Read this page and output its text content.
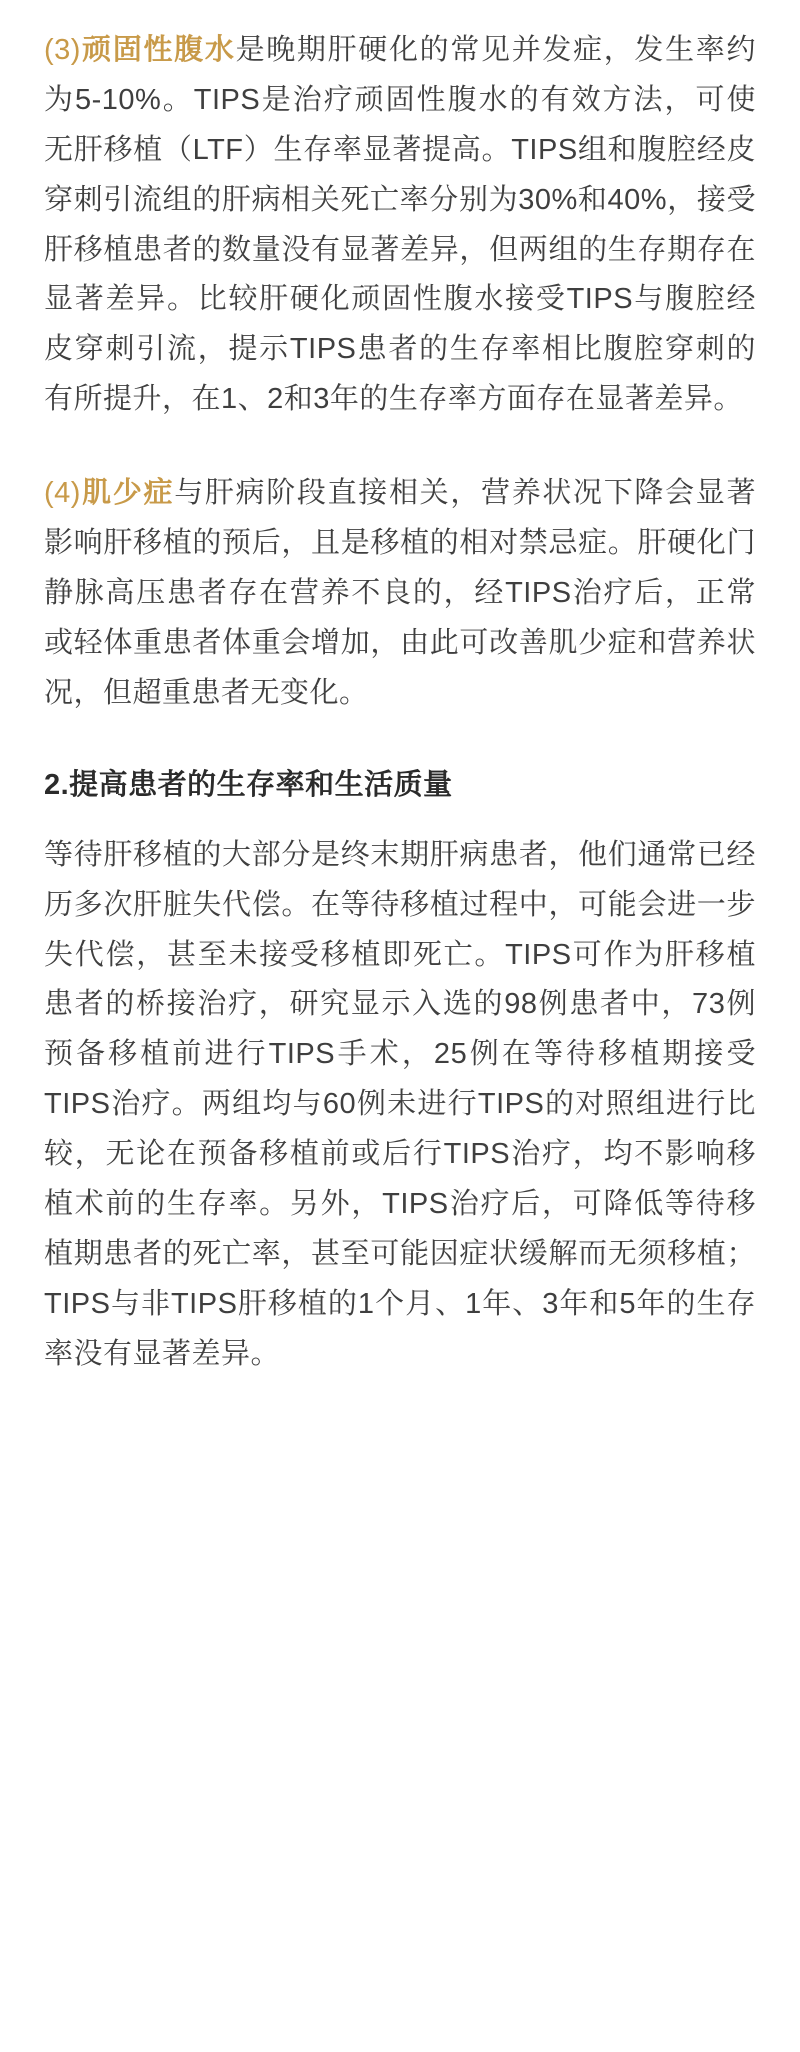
(3)顽固性腹水是晚期肝硬化的常见并发症，发生率约为5-10%。TIPS是治疗顽固性腹水的有效方法，可使无肝移植（LTF）生存率显著提高。TIPS组和腹腔经皮穿刺引流组的肝病相关死亡率分别为30%和40%，接受肝移植患者的数量没有显著差异，但两组的生存期存在显著差异。比较肝硬化顽固性腹水接受TIPS与腹腔经皮穿刺引流，提示TIPS患者的生存率相比腹腔穿刺的有所提升，在1、2和3年的生存率方面存在显著差异。

(4)肌少症与肝病阶段直接相关，营养状况下降会显著影响肝移植的预后，且是移植的相对禁忌症。肝硬化门静脉高压患者存在营养不良的，经TIPS治疗后，正常或轻体重患者体重会增加，由此可改善肌少症和营养状况，但超重患者无变化。

2.提高患者的生存率和生活质量

等待肝移植的大部分是终末期肝病患者，他们通常已经历多次肝脏失代偿。在等待移植过程中，可能会进一步失代偿，甚至未接受移植即死亡。TIPS可作为肝移植患者的桥接治疗，研究显示入选的98例患者中，73例预备移植前进行TIPS手术，25例在等待移植期接受TIPS治疗。两组均与60例未进行TIPS的对照组进行比较，无论在预备移植前或后行TIPS治疗，均不影响移植术前的生存率。另外，TIPS治疗后，可降低等待移植期患者的死亡率，甚至可能因症状缓解而无须移植；TIPS与非TIPS肝移植的1个月、1年、3年和5年的生存率没有显著差异。
